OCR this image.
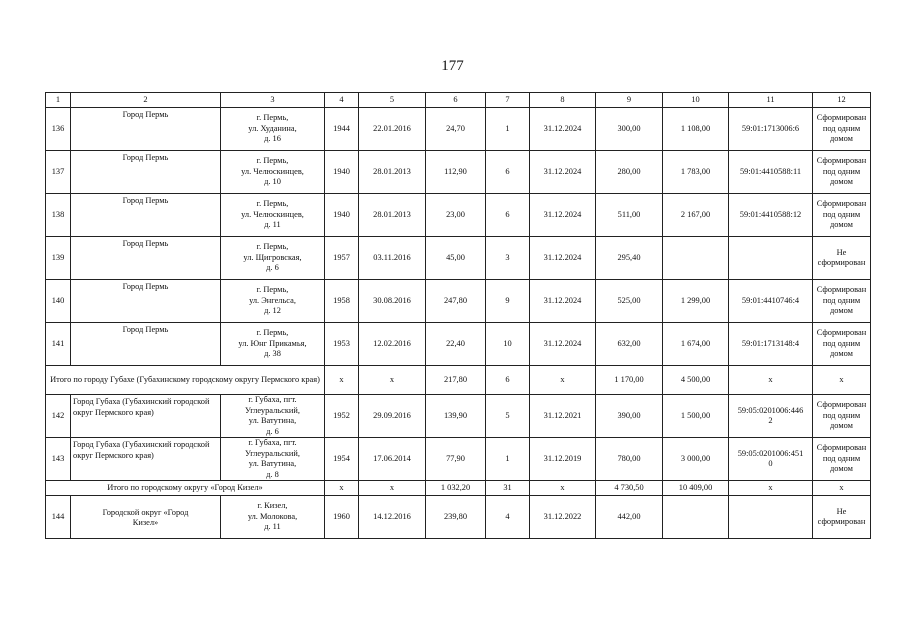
177
1	2	3	4	5	6	7	8	9	10	11	12
136	Город Пермь	г. Пермь,
ул. Худанина,
д. 16	1944	22.01.2016	24,70	1	31.12.2024	300,00	1 108,00	59:01:1713006:6	Сформирован
под одним домом
137	Город Пермь	г. Пермь,
ул. Челюскинцев,
д. 10	1940	28.01.2013	112,90	6	31.12.2024	280,00	1 783,00	59:01:4410588:11	Сформирован
под одним домом
138	Город Пермь	г. Пермь,
ул. Челюскинцев,
д. 11	1940	28.01.2013	23,00	6	31.12.2024	511,00	2 167,00	59:01:4410588:12	Сформирован
под одним домом
139	Город Пермь	г. Пермь,
ул. Щигровская,
д. 6	1957	03.11.2016	45,00	3	31.12.2024	295,40			Не сформирован
140	Город Пермь	г. Пермь,
ул. Энгельса,
д. 12	1958	30.08.2016	247,80	9	31.12.2024	525,00	1 299,00	59:01:4410746:4	Сформирован
под одним домом
141	Город Пермь	г. Пермь,
ул. Юнг Прикамья,
д. 38	1953	12.02.2016	22,40	10	31.12.2024	632,00	1 674,00	59:01:1713148:4	Сформирован
под одним домом
Итого по городу Губахе (Губахинскому городскому округу Пермского края)			x	x	217,80	6	x	1 170,00	4 500,00	x	x
142	Город Губаха (Губахинский городской округ Пермского края)	г. Губаха, пгт.
Углеуральский,
ул. Ватутина,
д. 6	1952	29.09.2016	139,90	5	31.12.2021	390,00	1 500,00	59:05:0201006:446
2	Сформирован
под одним домом
143	Город Губаха (Губахинский городской округ Пермского края)	г. Губаха, пгт.
Углеуральский,
ул. Ватутина,
д. 8	1954	17.06.2014	77,90	1	31.12.2019	780,00	3 000,00	59:05:0201006:451
0	Сформирован
под одним домом
Итого по городскому округу «Город Кизел»			x	x	1 032,20	31	x	4 730,50	10 409,00	x	x
144	Городской округ «Город
Кизел»	г. Кизел,
ул. Молокова,
д. 11	1960	14.12.2016	239,80	4	31.12.2022	442,00			Не сформирован
